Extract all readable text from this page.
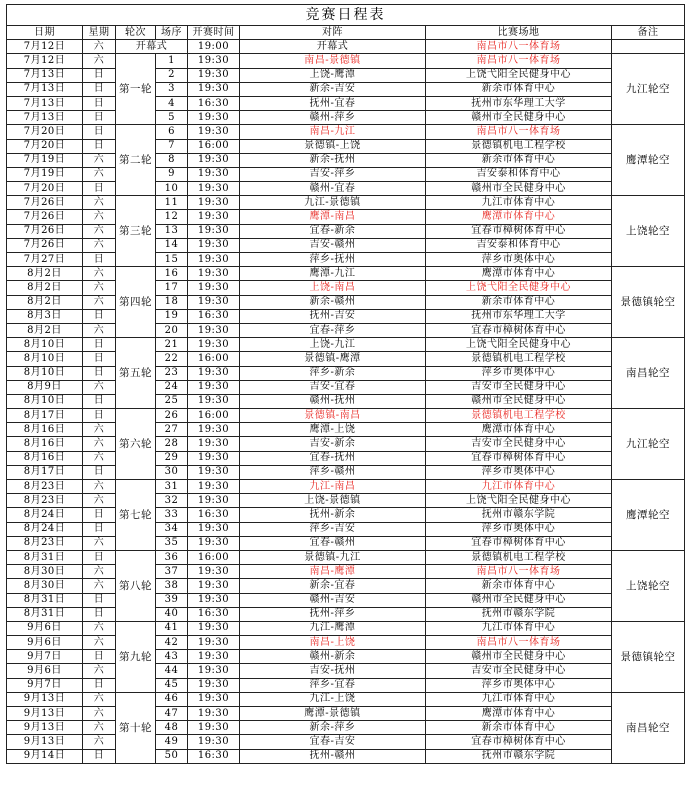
竞赛日程表							
日期	星期	轮次	场序	开赛时间	对阵	比赛场地	备注
7月12日	六	开幕式		19:00	开幕式	南昌市八一体育场	
7月12日	六	第一轮	1	19:30	南昌-景德镇	南昌市八一体育场	九江轮空
7月13日	日		2	19:30	上饶-鹰潭	上饶弋阳全民健身中心	
7月13日	日		3	19:30	新余-吉安	新余市体育中心	
7月13日	日		4	16:30	抚州-宜春	抚州市东华理工大学	
7月13日	日		5	19:30	赣州-萍乡	赣州市全民健身中心	
7月20日	日	第二轮	6	19:30	南昌-九江	南昌市八一体育场	鹰潭轮空
7月20日	日		7	16:00	景德镇-上饶	景德镇机电工程学校	
7月19日	六		8	19:30	新余-抚州	新余市体育中心	
7月19日	六		9	19:30	吉安-萍乡	吉安泰和体育中心	
7月20日	日		10	19:30	赣州-宜春	赣州市全民健身中心	
7月26日	六	第三轮	11	19:30	九江-景德镇	九江市体育中心	上饶轮空
7月26日	六		12	19:30	鹰潭-南昌	鹰潭市体育中心	
7月26日	六		13	19:30	宜春-新余	宜春市樟树体育中心	
7月26日	六		14	19:30	吉安-赣州	吉安泰和体育中心	
7月27日	日		15	19:30	萍乡-抚州	萍乡市奥体中心	
8月2日	六	第四轮	16	19:30	鹰潭-九江	鹰潭市体育中心	景德镇轮空
8月2日	六		17	19:30	上饶-南昌	上饶弋阳全民健身中心	
8月2日	六		18	19:30	新余-赣州	新余市体育中心	
8月3日	日		19	16:30	抚州-吉安	抚州市东华理工大学	
8月2日	六		20	19:30	宜春-萍乡	宜春市樟树体育中心	
8月10日	日	第五轮	21	19:30	上饶-九江	上饶弋阳全民健身中心	南昌轮空
8月10日	日		22	16:00	景德镇-鹰潭	景德镇机电工程学校	
8月10日	日		23	19:30	萍乡-新余	萍乡市奥体中心	
8月9日	六		24	19:30	吉安-宜春	吉安市全民健身中心	
8月10日	日		25	19:30	赣州-抚州	赣州市全民健身中心	
8月17日	日	第六轮	26	16:00	景德镇-南昌	景德镇机电工程学校	九江轮空
8月16日	六		27	19:30	鹰潭-上饶	鹰潭市体育中心	
8月16日	六		28	19:30	吉安-新余	吉安市全民健身中心	
8月16日	六		29	19:30	宜春-抚州	宜春市樟树体育中心	
8月17日	日		30	19:30	萍乡-赣州	萍乡市奥体中心	
8月23日	六	第七轮	31	19:30	九江-南昌	九江市体育中心	鹰潭轮空
8月23日	六		32	19:30	上饶-景德镇	上饶弋阳全民健身中心	
8月24日	日		33	16:30	抚州-新余	抚州市赣东学院	
8月24日	日		34	19:30	萍乡-吉安	萍乡市奥体中心	
8月23日	六		35	19:30	宜春-赣州	宜春市樟树体育中心	
8月31日	日	第八轮	36	16:00	景德镇-九江	景德镇机电工程学校	上饶轮空
8月30日	六		37	19:30	南昌-鹰潭	南昌市八一体育场	
8月30日	六		38	19:30	新余-宜春	新余市体育中心	
8月31日	日		39	19:30	赣州-吉安	赣州市全民健身中心	
8月31日	日		40	16:30	抚州-萍乡	抚州市赣东学院	
9月6日	六	第九轮	41	19:30	九江-鹰潭	九江市体育中心	景德镇轮空
9月6日	六		42	19:30	南昌-上饶	南昌市八一体育场	
9月7日	日		43	19:30	赣州-新余	赣州市全民健身中心	
9月6日	六		44	19:30	吉安-抚州	吉安市全民健身中心	
9月7日	日		45	19:30	萍乡-宜春	萍乡市奥体中心	
9月13日	六	第十轮	46	19:30	九江-上饶	九江市体育中心	南昌轮空
9月13日	六		47	19:30	鹰潭-景德镇	鹰潭市体育中心	
9月13日	六		48	19:30	新余-萍乡	新余市体育中心	
9月13日	六		49	19:30	宜春-吉安	宜春市樟树体育中心	
9月14日	日		50	16:30	抚州-赣州	抚州市赣东学院	
